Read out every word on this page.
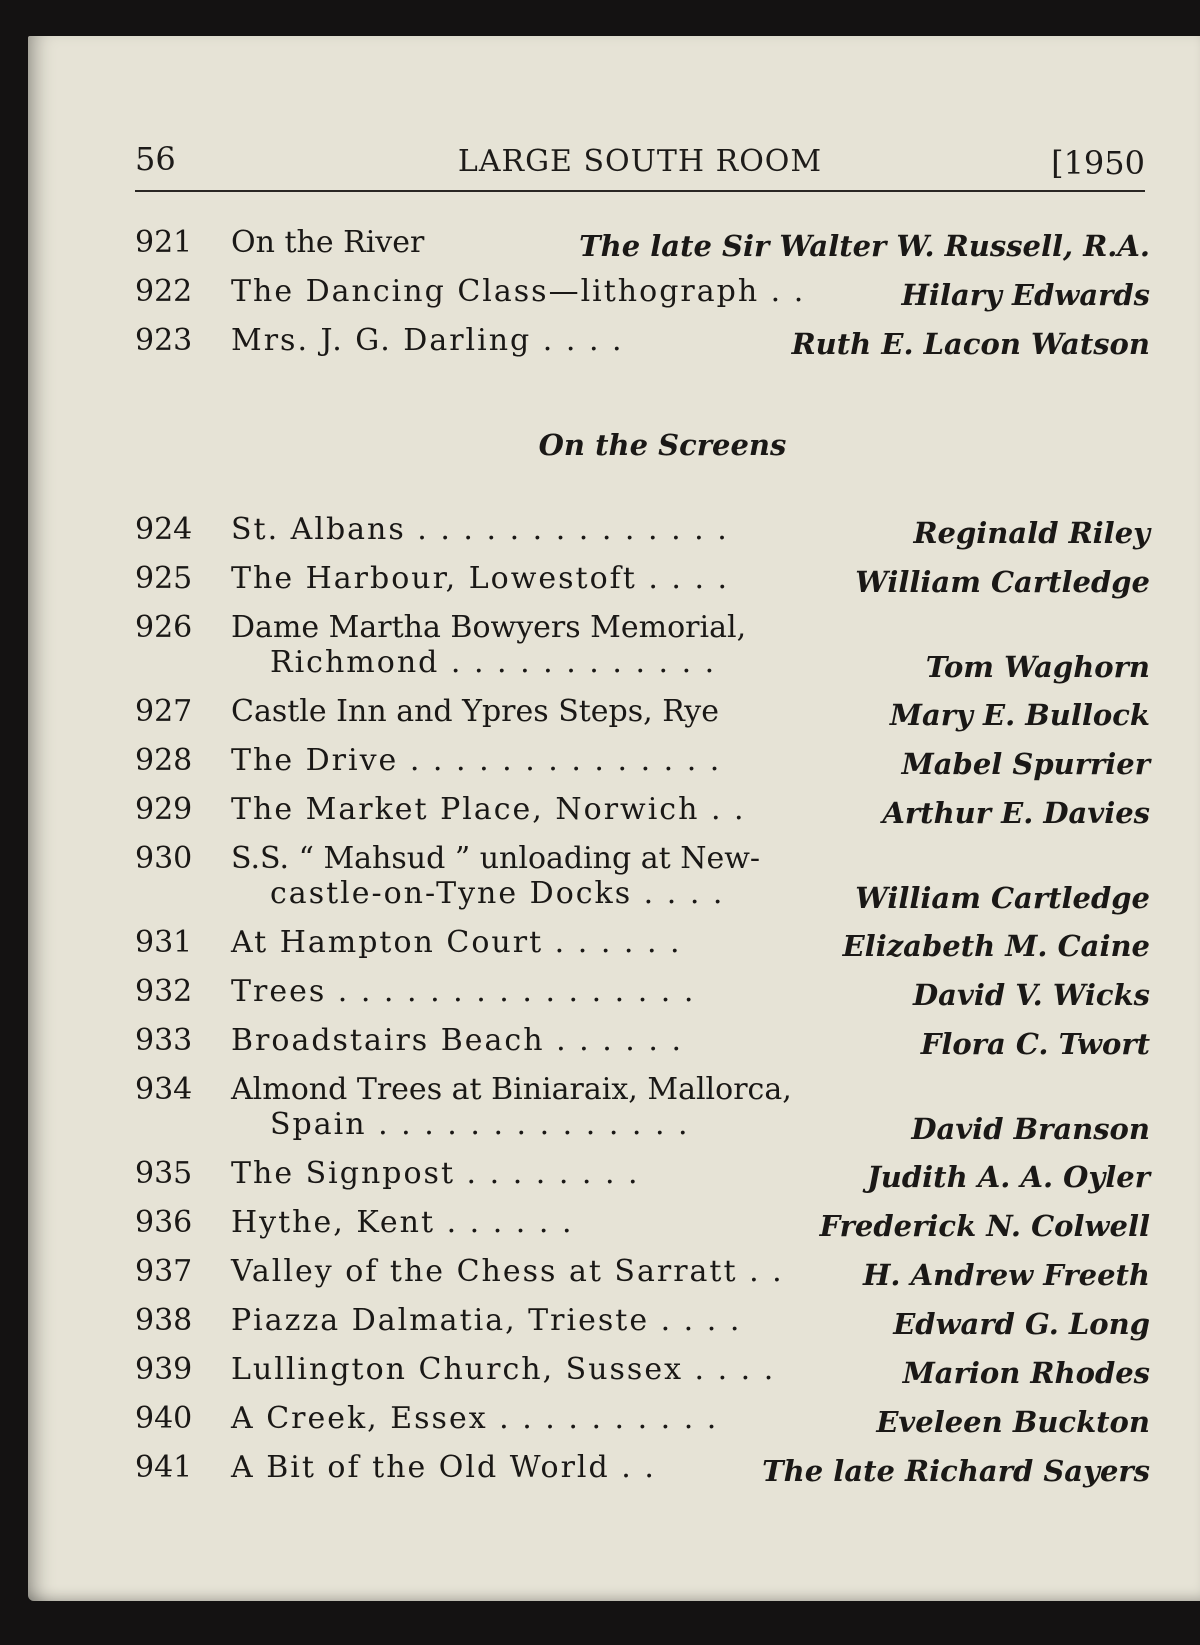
56	LARGE SOUTH ROOM	[1950
921 On the River	The late Sir Walter W. Russell, R.A.
922 The Dancing Class—lithograph . .	Hilary Edwards
923 Mrs. J. G. Darling . . . .	Ruth E. Lacon Watson
On the Screens
924 St. Albans . . . . . . . . . . . . . .	Reginald Riley
925 The Harbour, Lowestoft . . . .	William Cartledge
926 Dame Martha Bowyers Memorial,
Richmond . . . . . . . . . . . .	Tom Waghorn
927 Castle Inn and Ypres Steps, Rye	Mary E. Bullock
928 The Drive . . . . . . . . . . . . . .	Mabel Spurrier
929 The Market Place, Norwich . .	Arthur E. Davies
930 S.S. “ Mahsud ” unloading at New-
castle-on-Tyne Docks . . . .	William Cartledge
931 At Hampton Court . . . . . .	Elizabeth M. Caine
932 Trees . . . . . . . . . . . . . . . .	David V. Wicks
933 Broadstairs Beach . . . . . .	Flora C. Twort
934 Almond Trees at Biniaraix, Mallorca,
Spain . . . . . . . . . . . . . .	David Branson
935 The Signpost . . . . . . . .	Judith A. A. Oyler
936 Hythe, Kent . . . . . .	Frederick N. Colwell
937 Valley of the Chess at Sarratt . .	H. Andrew Freeth
938 Piazza Dalmatia, Trieste . . . .	Edward G. Long
939 Lullington Church, Sussex . . . .	Marion Rhodes
940 A Creek, Essex . . . . . . . . . .	Eveleen Buckton
941 A Bit of the Old World . .	The late Richard Sayers
